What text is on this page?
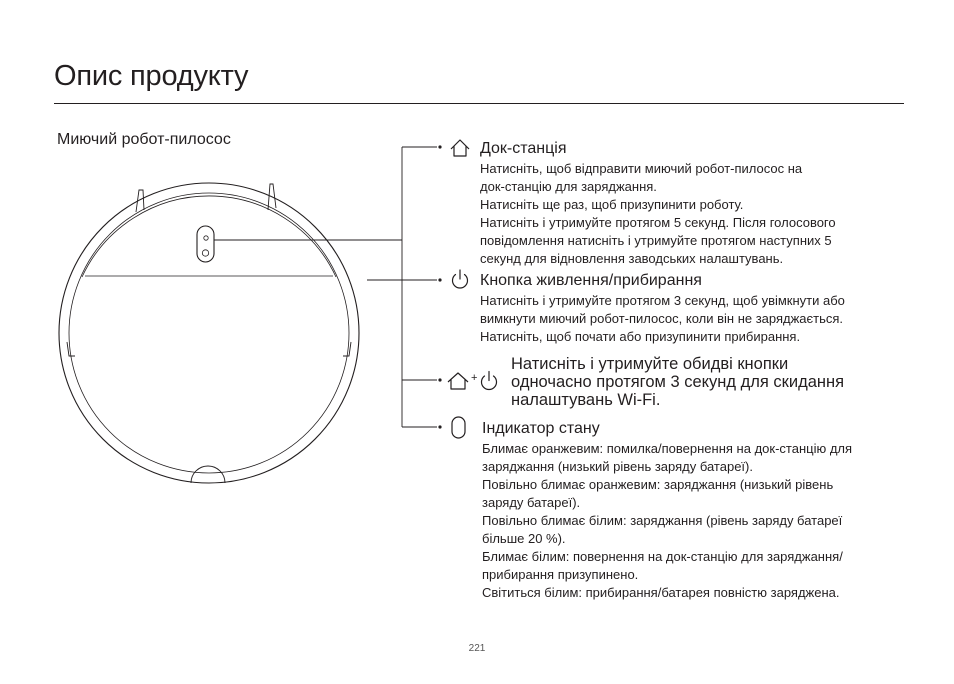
Опис продукту
Миючий робот-пилосос
Док-станція
Натисніть, щоб відправити миючий робот-пилосос на
док-станцію для заряджання.
Натисніть ще раз, щоб призупинити роботу.
Натисніть і утримуйте протягом 5 секунд. Після голосового
повідомлення натисніть і утримуйте протягом наступних 5
секунд для відновлення заводських налаштувань.
Кнопка живлення/прибирання
Натисніть і утримуйте протягом 3 секунд, щоб увімкнути або
вимкнути миючий робот-пилосос, коли він не заряджається.
Натисніть, щоб почати або призупинити прибирання.
+
Натисніть і утримуйте обидві кнопки
одночасно протягом 3 секунд для скидання
налаштувань Wi-Fi.
Індикатор стану
Блимає оранжевим: помилка/повернення на док-станцію для
заряджання (низький рівень заряду батареї).
Повільно блимає оранжевим: заряджання (низький рівень
заряду батареї).
Повільно блимає білим: заряджання (рівень заряду батареї
більше 20 %).
Блимає білим: повернення на док-станцію для заряджання/
прибирання призупинено.
Світиться білим: прибирання/батарея повністю заряджена.
221
